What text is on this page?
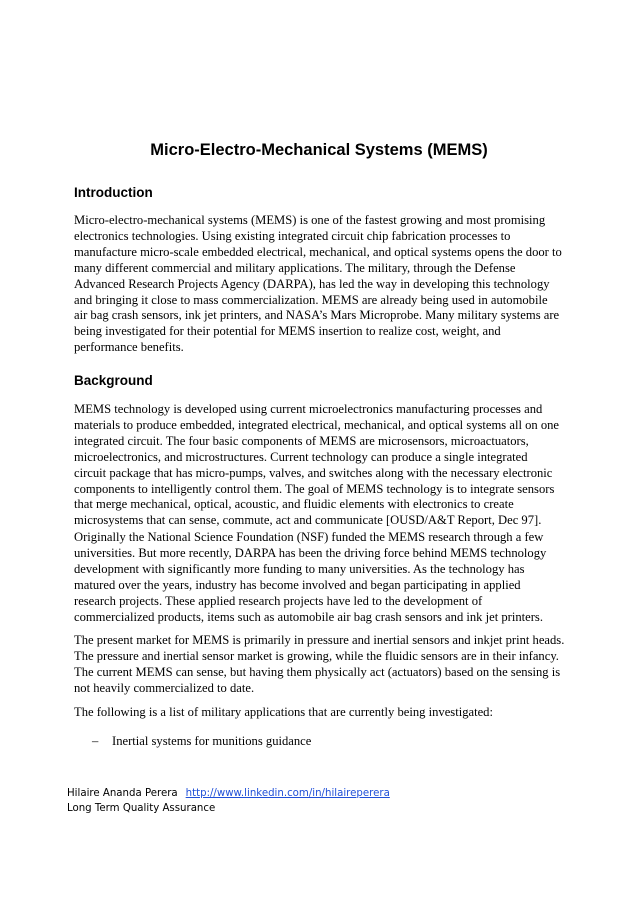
Micro-Electro-Mechanical Systems (MEMS)
Introduction

Micro-electro-mechanical systems (MEMS) is one of the fastest growing and most promising
electronics technologies. Using existing integrated circuit chip fabrication processes to
manufacture micro-scale embedded electrical, mechanical, and optical systems opens the door to
many different commercial and military applications. The military, through the Defense
Advanced Research Projects Agency (DARPA), has led the way in developing this technology
and bringing it close to mass commercialization. MEMS are already being used in automobile
air bag crash sensors, ink jet printers, and NASA’s Mars Microprobe. Many military systems are
being investigated for their potential for MEMS insertion to realize cost, weight, and
performance benefits.

Background

MEMS technology is developed using current microelectronics manufacturing processes and
materials to produce embedded, integrated electrical, mechanical, and optical systems all on one
integrated circuit. The four basic components of MEMS are microsensors, microactuators,
microelectronics, and microstructures. Current technology can produce a single integrated
circuit package that has micro-pumps, valves, and switches along with the necessary electronic
components to intelligently control them. The goal of MEMS technology is to integrate sensors
that merge mechanical, optical, acoustic, and fluidic elements with electronics to create
microsystems that can sense, commute, act and communicate [OUSD/A&T Report, Dec 97].

Originally the National Science Foundation (NSF) funded the MEMS research through a few
universities. But more recently, DARPA has been the driving force behind MEMS technology
development with significantly more funding to many universities. As the technology has
matured over the years, industry has become involved and began participating in applied
research projects. These applied research projects have led to the development of
commercialized products, items such as automobile air bag crash sensors and ink jet printers.

The present market for MEMS is primarily in pressure and inertial sensors and inkjet print heads.
The pressure and inertial sensor market is growing, while the fluidic sensors are in their infancy.
The current MEMS can sense, but having them physically act (actuators) based on the sensing is
not heavily commercialized to date.

The following is a list of military applications that are currently being investigated:

– Inertial systems for munitions guidance
Hilaire Ananda Perera http://www.linkedin.com/in/hilaireperera
Long Term Quality Assurance
